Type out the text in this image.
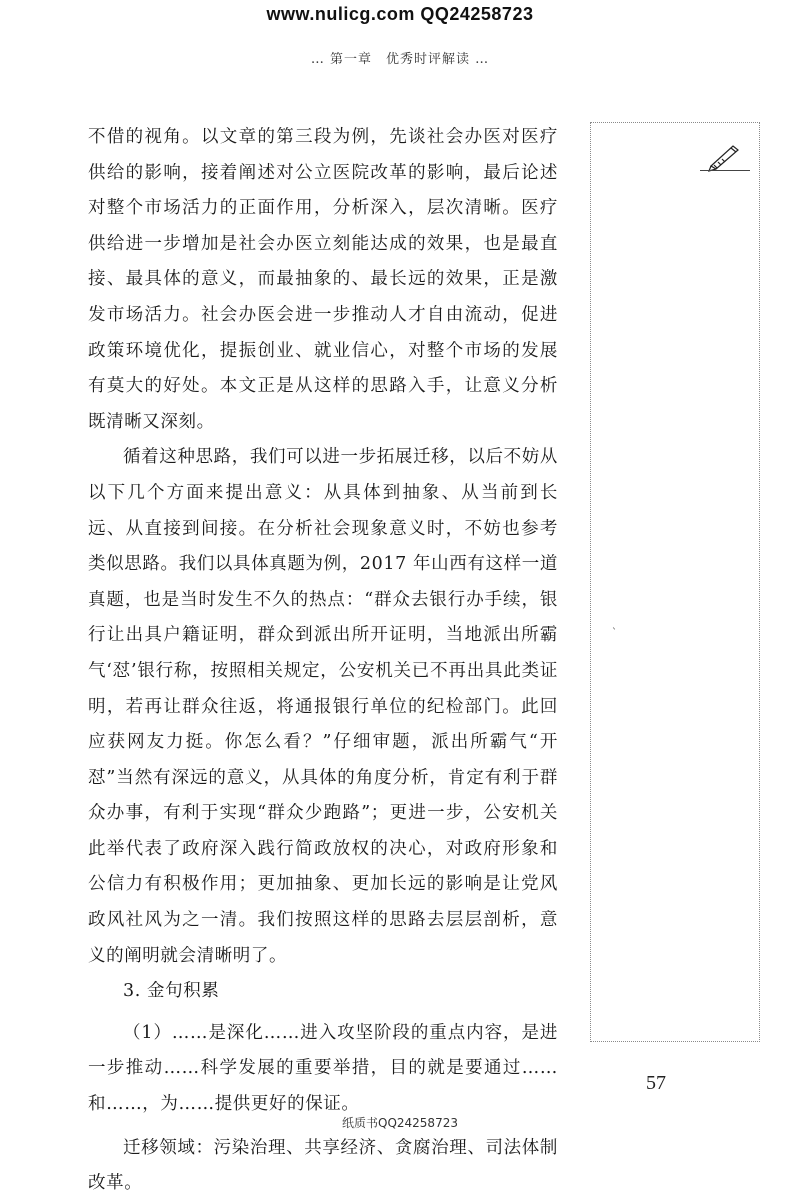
www.nulicg.com QQ24258723
… 第一章　优秀时评解读 …

不借的视角。以文章的第三段为例，先谈社会办医对医疗供给的影响，接着阐述对公立医院改革的影响，最后论述对整个市场活力的正面作用，分析深入，层次清晰。医疗供给进一步增加是社会办医立刻能达成的效果，也是最直接、最具体的意义，而最抽象的、最长远的效果，正是激发市场活力。社会办医会进一步推动人才自由流动，促进政策环境优化，提振创业、就业信心，对整个市场的发展有莫大的好处。本文正是从这样的思路入手，让意义分析既清晰又深刻。

循着这种思路，我们可以进一步拓展迁移，以后不妨从以下几个方面来提出意义：从具体到抽象、从当前到长远、从直接到间接。在分析社会现象意义时，不妨也参考类似思路。我们以具体真题为例，2017 年山西有这样一道真题，也是当时发生不久的热点：“群众去银行办手续，银行让出具户籍证明，群众到派出所开证明，当地派出所霸气‘怼’银行称，按照相关规定，公安机关已不再出具此类证明，若再让群众往返，将通报银行单位的纪检部门。此回应获网友力挺。你怎么看？”仔细审题，派出所霸气“开怼”当然有深远的意义，从具体的角度分析，肯定有利于群众办事，有利于实现“群众少跑路”；更进一步，公安机关此举代表了政府深入践行简政放权的决心，对政府形象和公信力有积极作用；更加抽象、更加长远的影响是让党风政风社风为之一清。我们按照这样的思路去层层剖析，意义的阐明就会清晰明了。

3. 金句积累

（1）……是深化……进入攻坚阶段的重点内容，是进一步推动……科学发展的重要举措，目的就是要通过……和……，为……提供更好的保证。

迁移领域：污染治理、共享经济、贪腐治理、司法体制改革。

ˋ
57
纸质书QQ24258723
